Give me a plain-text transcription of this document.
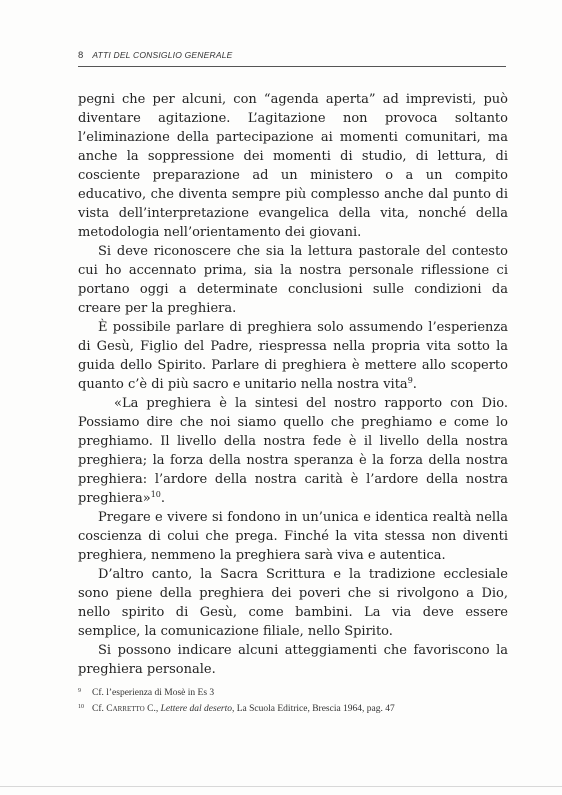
8 ATTI DEL CONSIGLIO GENERALE

pegni che per alcuni, con “agenda aperta” ad imprevisti, può diventare agitazione. L’agitazione non provoca soltanto l’eliminazione della partecipazione ai momenti comunitari, ma anche la soppressione dei momenti di studio, di lettura, di cosciente preparazione ad un ministero o a un compito educativo, che diventa sempre più complesso anche dal punto di vista dell’interpretazione evangelica della vita, nonché della metodologia nell’orientamento dei giovani.

Si deve riconoscere che sia la lettura pastorale del contesto cui ho accennato prima, sia la nostra personale riflessione ci portano oggi a determinate conclusioni sulle condizioni da creare per la preghiera.

È possibile parlare di preghiera solo assumendo l’esperienza di Gesù, Figlio del Padre, riespressa nella propria vita sotto la guida dello Spirito. Parlare di preghiera è mettere allo scoperto quanto c’è di più sacro e unitario nella nostra vita$^9$.

«La preghiera è la sintesi del nostro rapporto con Dio. Possiamo dire che noi siamo quello che preghiamo e come lo preghiamo. Il livello della nostra fede è il livello della nostra preghiera; la forza della nostra speranza è la forza della nostra preghiera: l’ardore della nostra carità è l’ardore della nostra preghiera»$^{10}$.

Pregare e vivere si fondono in un’unica e identica realtà nella coscienza di colui che prega. Finché la vita stessa non diventi preghiera, nemmeno la preghiera sarà viva e autentica.

D’altro canto, la Sacra Scrittura e la tradizione ecclesiale sono piene della preghiera dei poveri che si rivolgono a Dio, nello spirito di Gesù, come bambini. La via deve essere semplice, la comunicazione filiale, nello Spirito.

Si possono indicare alcuni atteggiamenti che favoriscono la preghiera personale.

9 Cf. l’esperienza di Mosè in Es 3
10 Cf. Carretto C., Lettere dal deserto, La Scuola Editrice, Brescia 1964, pag. 47
